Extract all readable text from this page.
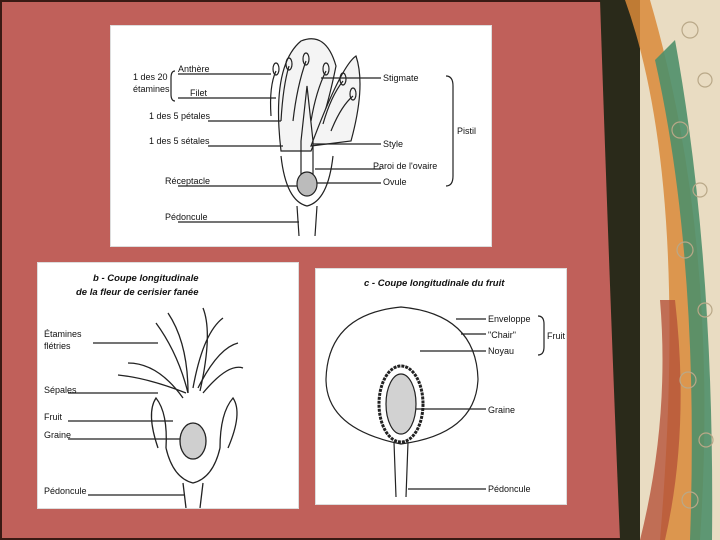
1 des 20
étamines
Anthère
Filet
1 des 5 pétales
1 des 5 sétales
Réceptacle
Pédoncule
Stigmate
Style
Paroi de l'ovaire
Ovule
Pistil
b - Coupe longitudinale
de la fleur de cerisier fanée
Étamines
flétries
Sépales
Fruit
Graine
Pédoncule
c - Coupe longitudinale du fruit
Enveloppe
"Chair"
Noyau
Fruit
Graine
Pédoncule
